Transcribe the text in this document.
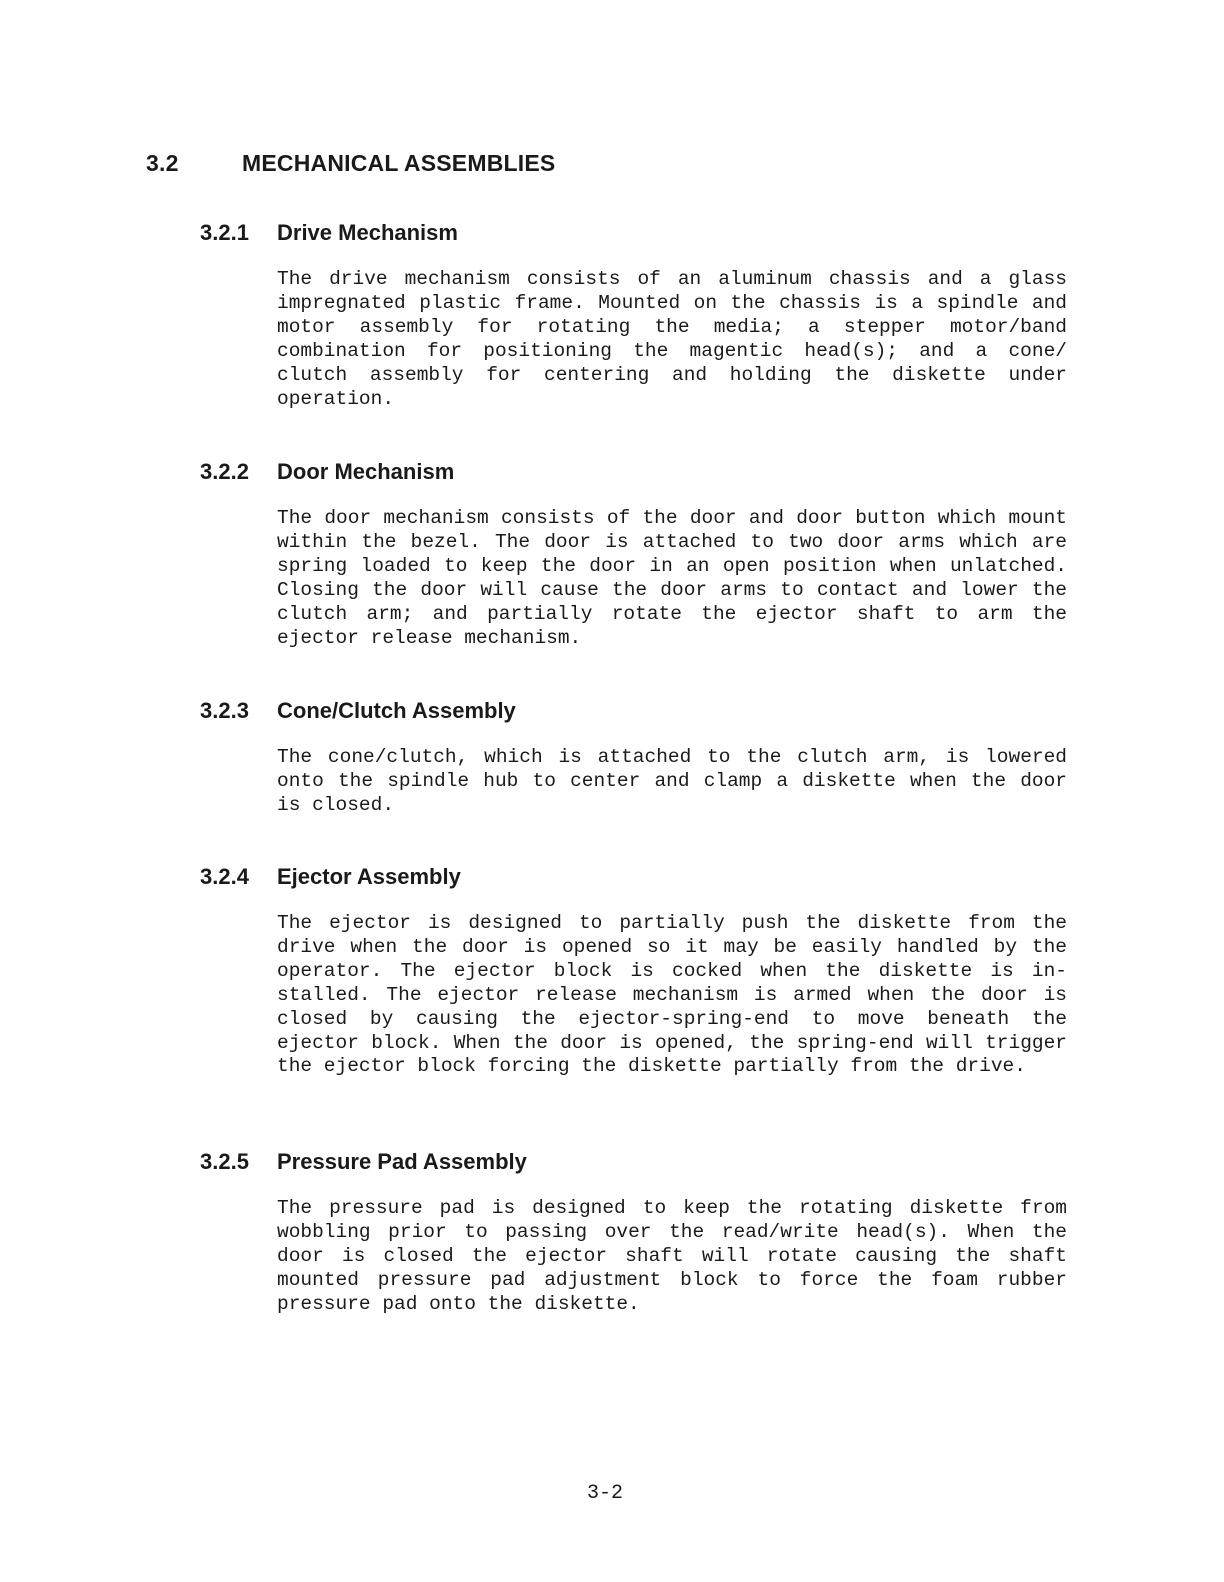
3.2	MECHANICAL ASSEMBLIES
3.2.1 Drive Mechanism
The drive mechanism consists of an aluminum chassis and a glass impregnated plastic frame. Mounted on the chassis is a spindle and motor assembly for rotating the media; a stepper motor/band combination for positioning the magentic head(s); and a cone/ clutch assembly for centering and holding the diskette under operation.
3.2.2 Door Mechanism
The door mechanism consists of the door and door button which mount within the bezel. The door is attached to two door arms which are spring loaded to keep the door in an open position when unlatched. Closing the door will cause the door arms to contact and lower the clutch arm; and partially rotate the ejector shaft to arm the ejector release mechanism.
3.2.3 Cone/Clutch Assembly
The cone/clutch, which is attached to the clutch arm, is lowered onto the spindle hub to center and clamp a diskette when the door is closed.
3.2.4 Ejector Assembly
The ejector is designed to partially push the diskette from the drive when the door is opened so it may be easily handled by the operator. The ejector block is cocked when the diskette is in-stalled. The ejector release mechanism is armed when the door is closed by causing the ejector-spring-end to move beneath the ejector block. When the door is opened, the spring-end will trigger the ejector block forcing the diskette partially from the drive.
3.2.5 Pressure Pad Assembly
The pressure pad is designed to keep the rotating diskette from wobbling prior to passing over the read/write head(s). When the door is closed the ejector shaft will rotate causing the shaft mounted pressure pad adjustment block to force the foam rubber pressure pad onto the diskette.
3-2
